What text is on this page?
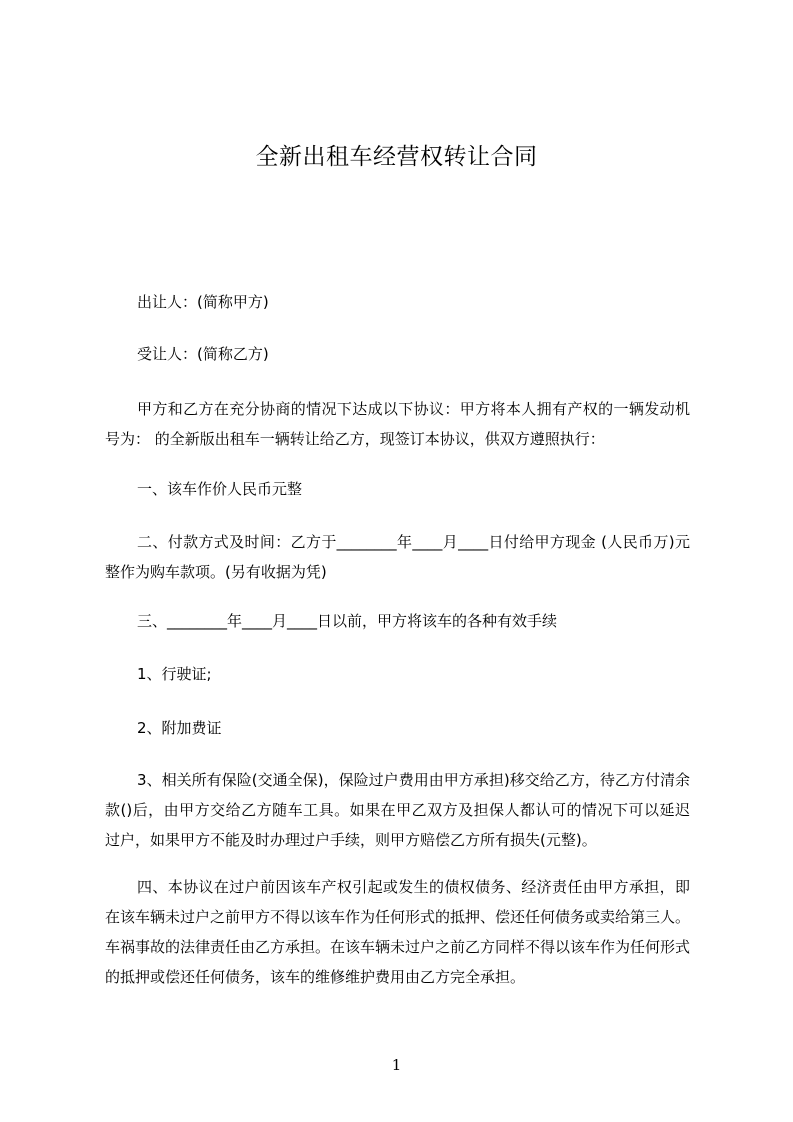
全新出租车经营权转让合同
出让人：(简称甲方)
受让人：(简称乙方)
甲方和乙方在充分协商的情况下达成以下协议：甲方将本人拥有产权的一辆发动机号为： 的全新版出租车一辆转让给乙方，现签订本协议，供双方遵照执行：
一、该车作价人民币元整
二、付款方式及时间：乙方于________年____月____日付给甲方现金 (人民币万)元整作为购车款项。(另有收据为凭)
三、________年____月____日以前，甲方将该车的各种有效手续
1、行驶证;
2、附加费证
3、相关所有保险(交通全保)，保险过户费用由甲方承担)移交给乙方，待乙方付清余款()后，由甲方交给乙方随车工具。如果在甲乙双方及担保人都认可的情况下可以延迟 过户，如果甲方不能及时办理过户手续，则甲方赔偿乙方所有损失(元整)。
四、本协议在过户前因该车产权引起或发生的债权债务、经济责任由甲方承担，即在该车辆未过户之前甲方不得以该车作为任何形式的抵押、偿还任何债务或卖给第三人。车祸事故的法律责任由乙方承担。在该车辆未过户之前乙方同样不得以该车作为任何形式的抵押或偿还任何债务，该车的维修维护费用由乙方完全承担。
1
